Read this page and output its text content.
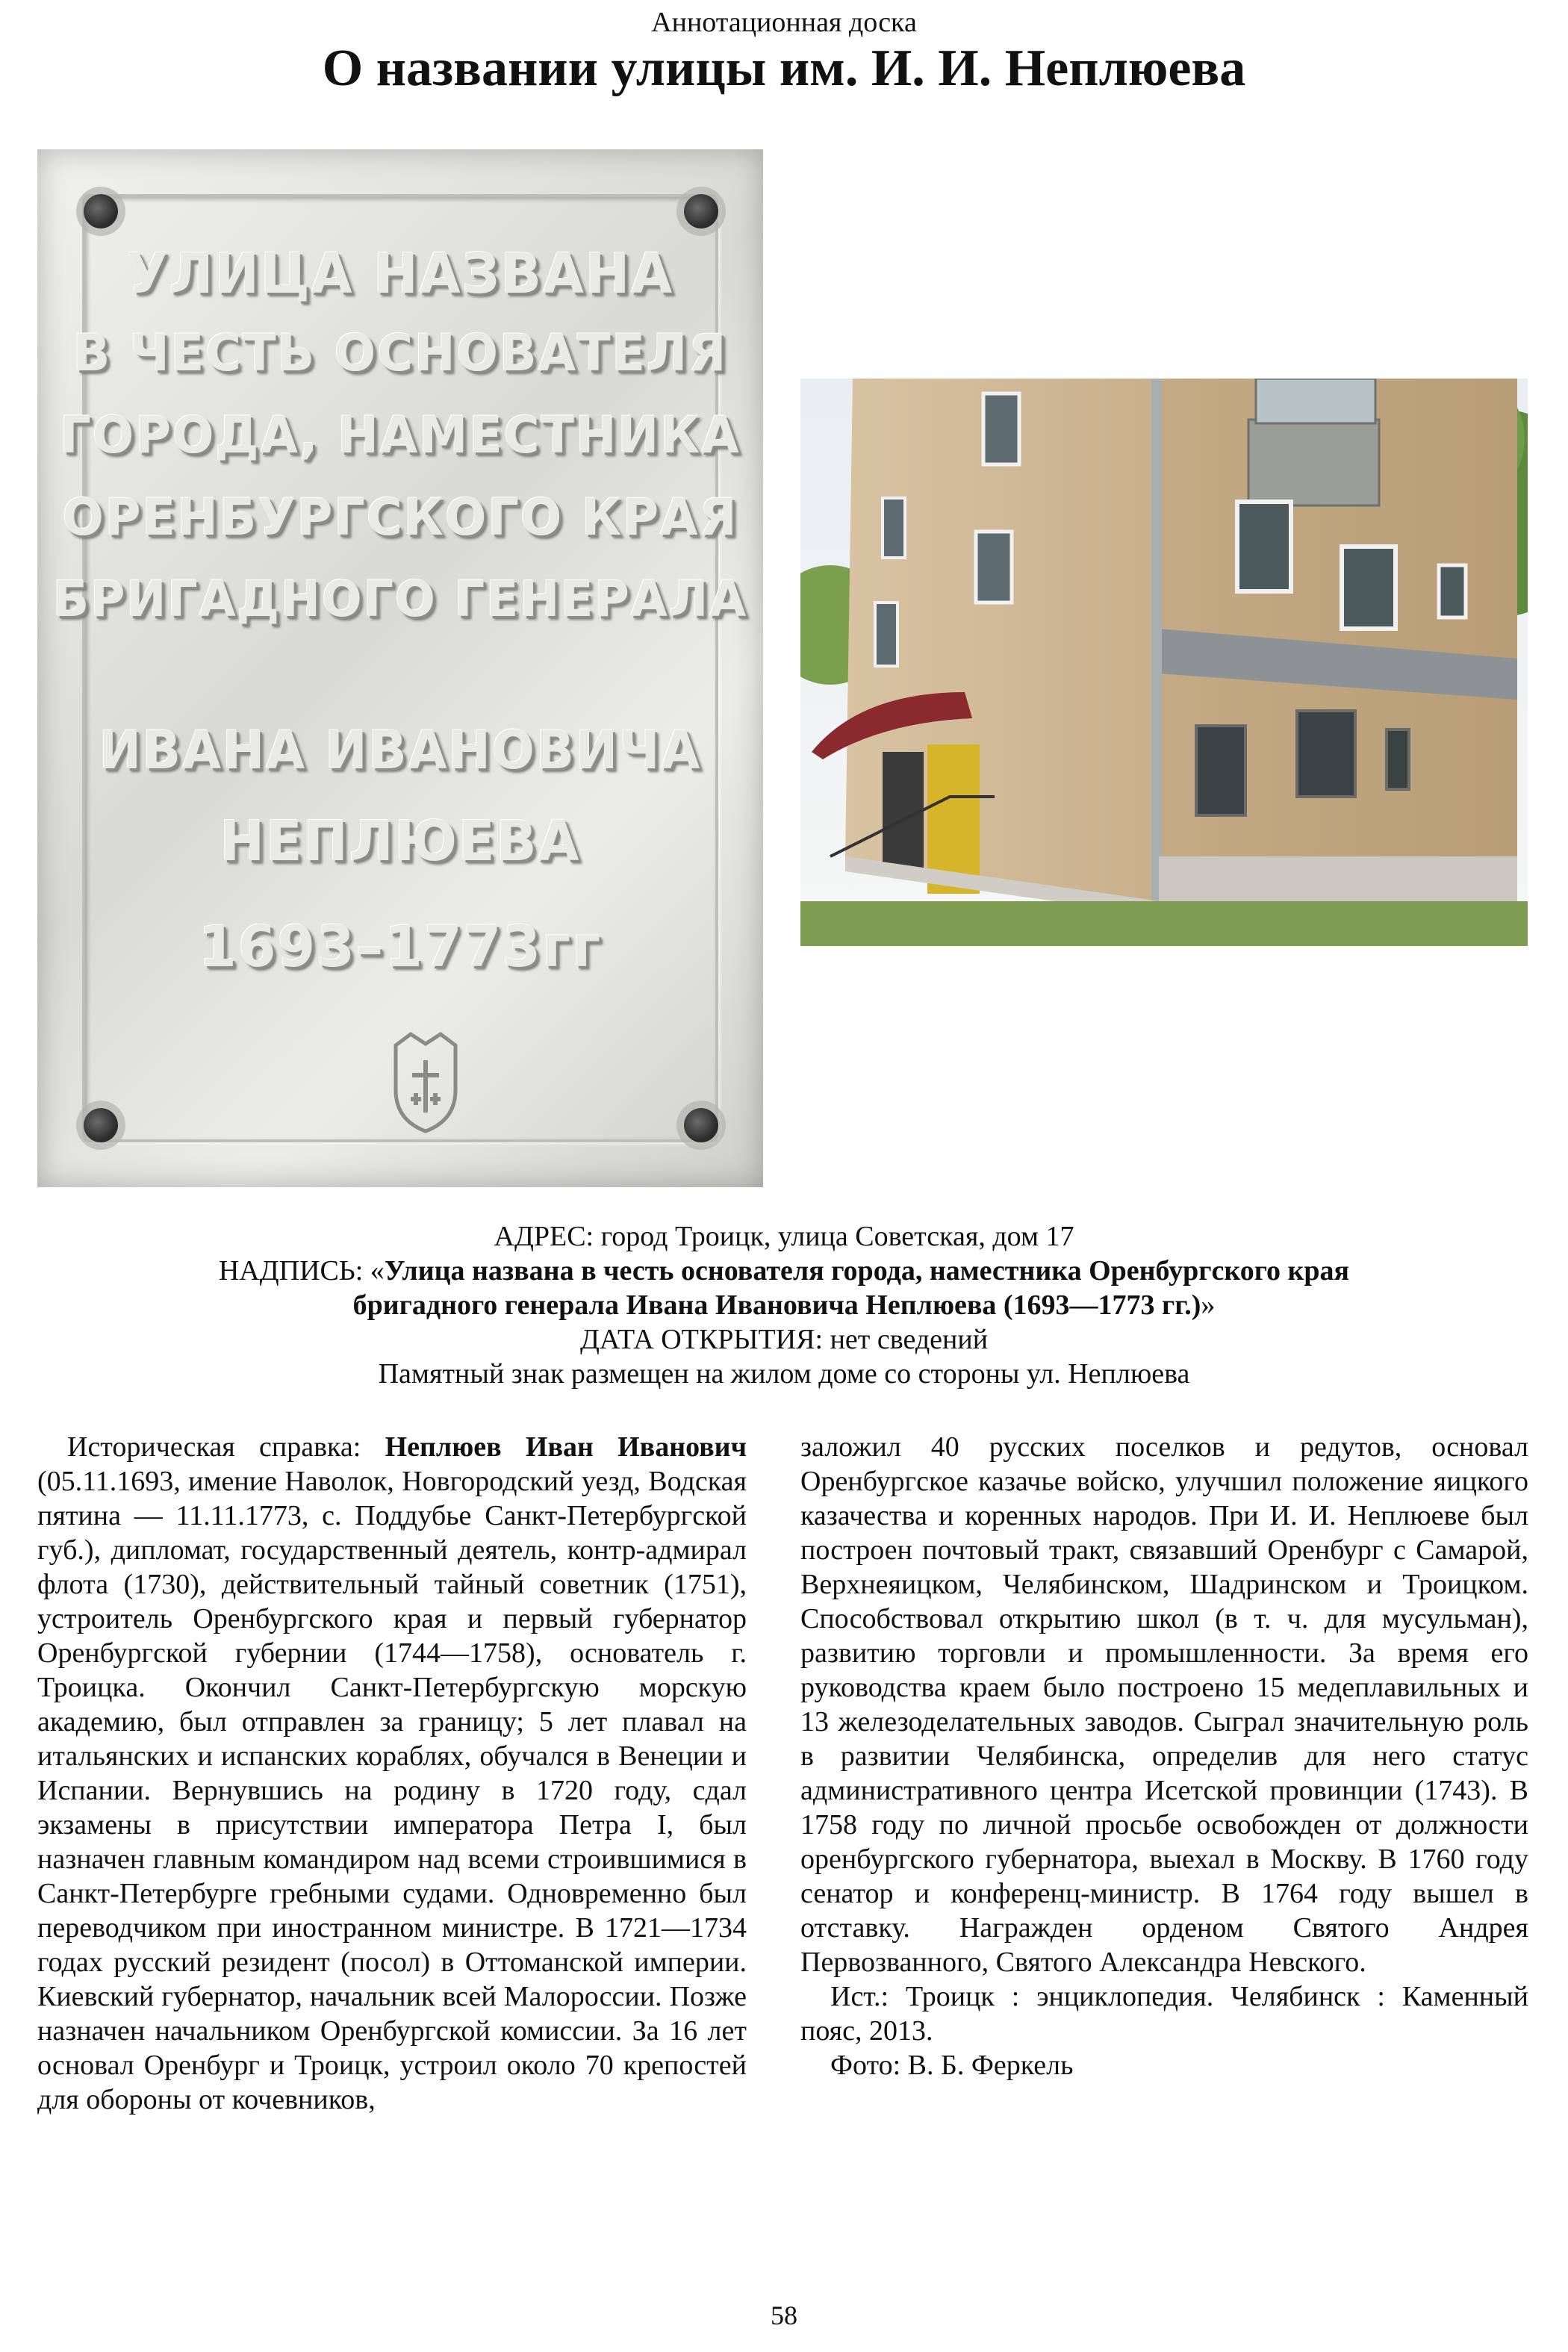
Аннотационная доска
О названии улицы им. И. И. Неплюева
УЛИЦА НАЗВАНА
В ЧЕСТЬ ОСНОВАТЕЛЯ
ГОРОДА, НАМЕСТНИКА
ОРЕНБУРГСКОГО КРАЯ
БРИГАДНОГО ГЕНЕРАЛА
ИВАНА ИВАНОВИЧА
НЕПЛЮЕВА
1693–1773гг
АДРЕС: город Троицк, улица Советская, дом 17
НАДПИСЬ: «Улица названа в честь основателя города, наместника Оренбургского края
бригадного генерала Ивана Ивановича Неплюева (1693—1773 гг.)»
ДАТА ОТКРЫТИЯ: нет сведений
Памятный знак размещен на жилом доме со стороны ул. Неплюева

Историческая справка: Неплюев Иван Иванович (05.11.1693, имение Наволок, Новгородский уезд, Водская пятина — 11.11.1773, с. Поддубье Санкт-Петербургской губ.), дипломат, государственный деятель, контр-адмирал флота (1730), действительный тайный советник (1751), устроитель Оренбургского края и первый губернатор Оренбургской губернии (1744—1758), основатель г. Троицка. Окончил Санкт-Петербургскую морскую академию, был отправлен за границу; 5 лет плавал на итальянских и испанских кораблях, обучался в Венеции и Испании. Вернувшись на родину в 1720 году, сдал экзамены в присутствии императора Петра I, был назначен главным командиром над всеми строившимися в Санкт-Петербурге гребными судами. Одновременно был переводчиком при иностранном министре. В 1721—1734 годах русский резидент (посол) в Оттоманской империи. Киевский губернатор, начальник всей Малороссии. Позже назначен начальником Оренбургской комиссии. За 16 лет основал Оренбург и Троицк, устроил около 70 крепостей для обороны от кочевников,

заложил 40 русских поселков и редутов, основал Оренбургское казачье войско, улучшил положение яицкого казачества и коренных народов. При И. И. Неплюеве был построен почтовый тракт, связавший Оренбург с Самарой, Верхнеяицком, Челябинском, Шадринском и Троицком. Способствовал открытию школ (в т. ч. для мусульман), развитию торговли и промышленности. За время его руководства краем было построено 15 медеплавильных и 13 железоделательных заводов. Сыграл значительную роль в развитии Челябинска, определив для него статус административного центра Исетской провинции (1743). В 1758 году по личной просьбе освобожден от должности оренбургского губернатора, выехал в Москву. В 1760 году сенатор и конференц-министр. В 1764 году вышел в отставку. Награжден орденом Святого Андрея Первозванного, Святого Александра Невского.

Ист.: Троицк : энциклопедия. Челябинск : Каменный пояс, 2013.

Фото: В. Б. Феркель

58
